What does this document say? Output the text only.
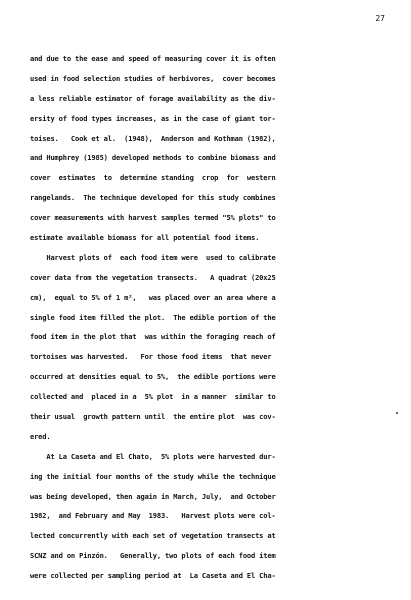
27
and due to the ease and speed of measuring cover it is often
used in food selection studies of herbivores,  cover becomes
a less reliable estimator of forage availability as the div-
ersity of food types increases, as in the case of giant tor-
toises.   Cook et al.  (1948),  Anderson and Kothman (1982),
and Humphrey (1985) developed methods to combine biomass and
cover  estimates  to  determine standing  crop  for  western
rangelands.  The technique developed for this study combines
cover measurements with harvest samples termed "5% plots" to
estimate available biomass for all potential food items.
Harvest plots of  each food item were  used to calibrate
cover data from the vegetation transects.   A quadrat (20x25
cm),  equal to 5% of 1 m²,   was placed over an area where a
single food item filled the plot.  The edible portion of the
food item in the plot that  was within the foraging reach of
tortoises was harvested.   For those food items  that never
occurred at densities equal to 5%,  the edible portions were
collected and  placed in a  5% plot  in a manner  similar to
their usual  growth pattern until  the entire plot  was cov-
ered.
At La Caseta and El Chato,  5% plots were harvested dur-
ing the initial four months of the study while the technique
was being developed, then again in March, July,  and October
1982,  and February and May  1983.   Harvest plots were col-
lected concurrently with each set of vegetation transects at
SCNZ and on Pinzón.   Generally, two plots of each food item
were collected per sampling period at  La Caseta and El Cha-
